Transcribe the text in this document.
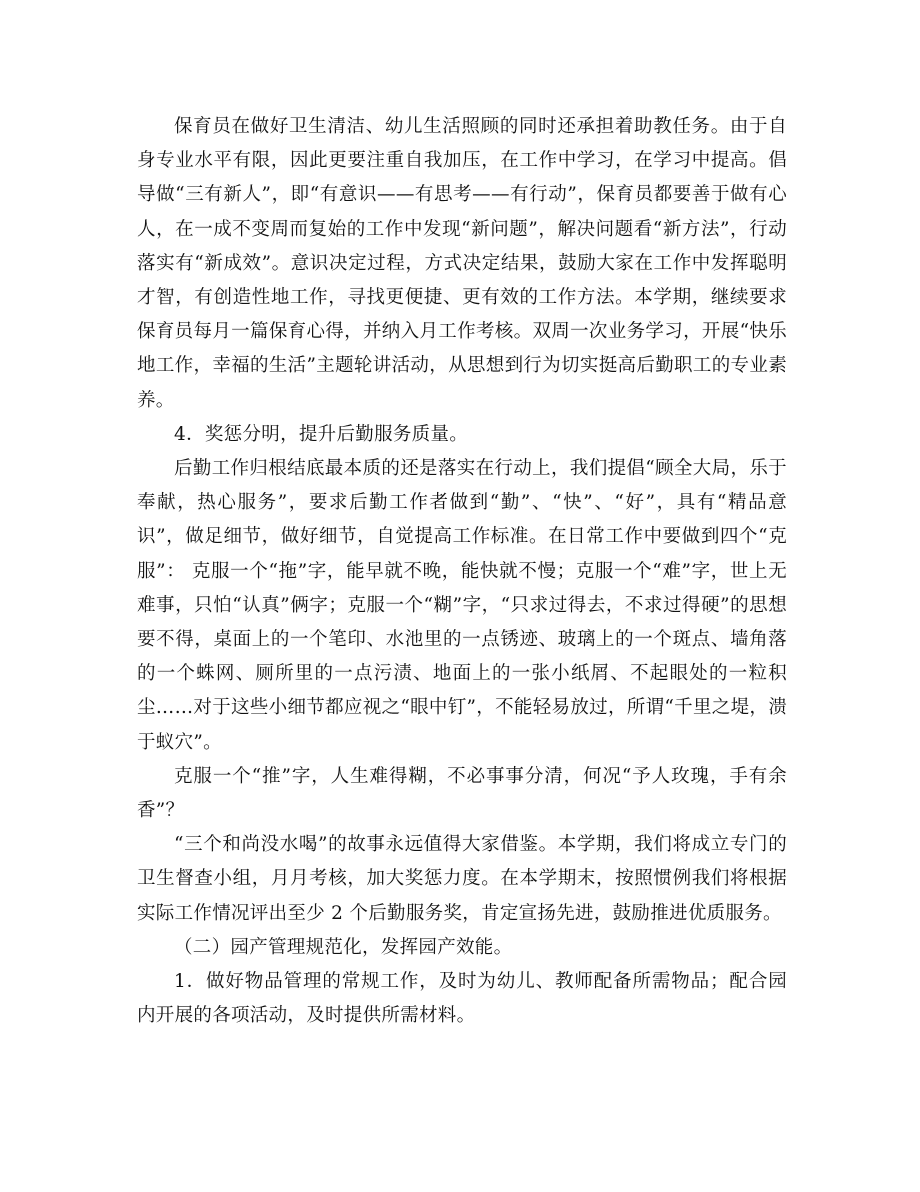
保育员在做好卫生清洁、幼儿生活照顾的同时还承担着助教任务。由于自身专业水平有限，因此更要注重自我加压，在工作中学习，在学习中提高。倡导做“三有新人”，即“有意识——有思考——有行动”，保育员都要善于做有心人，在一成不变周而复始的工作中发现“新问题”，解决问题看“新方法”，行动落实有“新成效”。意识决定过程，方式决定结果，鼓励大家在工作中发挥聪明才智，有创造性地工作，寻找更便捷、更有效的工作方法。本学期，继续要求保育员每月一篇保育心得，并纳入月工作考核。双周一次业务学习，开展“快乐地工作，幸福的生活”主题轮讲活动，从思想到行为切实挺高后勤职工的专业素养。

4．奖惩分明，提升后勤服务质量。

后勤工作归根结底最本质的还是落实在行动上，我们提倡“顾全大局，乐于奉献，热心服务”，要求后勤工作者做到“勤”、“快”、“好”，具有“精品意识”，做足细节，做好细节，自觉提高工作标准。在日常工作中要做到四个“克服”： 克服一个“拖”字，能早就不晚，能快就不慢；克服一个“难”字，世上无难事，只怕“认真”俩字；克服一个“糊”字，“只求过得去，不求过得硬”的思想要不得，桌面上的一个笔印、水池里的一点锈迹、玻璃上的一个斑点、墙角落的一个蛛网、厕所里的一点污渍、地面上的一张小纸屑、不起眼处的一粒积尘……对于这些小细节都应视之“眼中钉”，不能轻易放过，所谓“千里之堤，溃于蚁穴”。

克服一个“推”字，人生难得糊，不必事事分清，何况“予人玫瑰，手有余香”？

“三个和尚没水喝”的故事永远值得大家借鉴。本学期，我们将成立专门的卫生督查小组，月月考核，加大奖惩力度。在本学期末，按照惯例我们将根据实际工作情况评出至少 2 个后勤服务奖，肯定宣扬先进，鼓励推进优质服务。

（二）园产管理规范化，发挥园产效能。

1．做好物品管理的常规工作，及时为幼儿、教师配备所需物品；配合园内开展的各项活动，及时提供所需材料。
